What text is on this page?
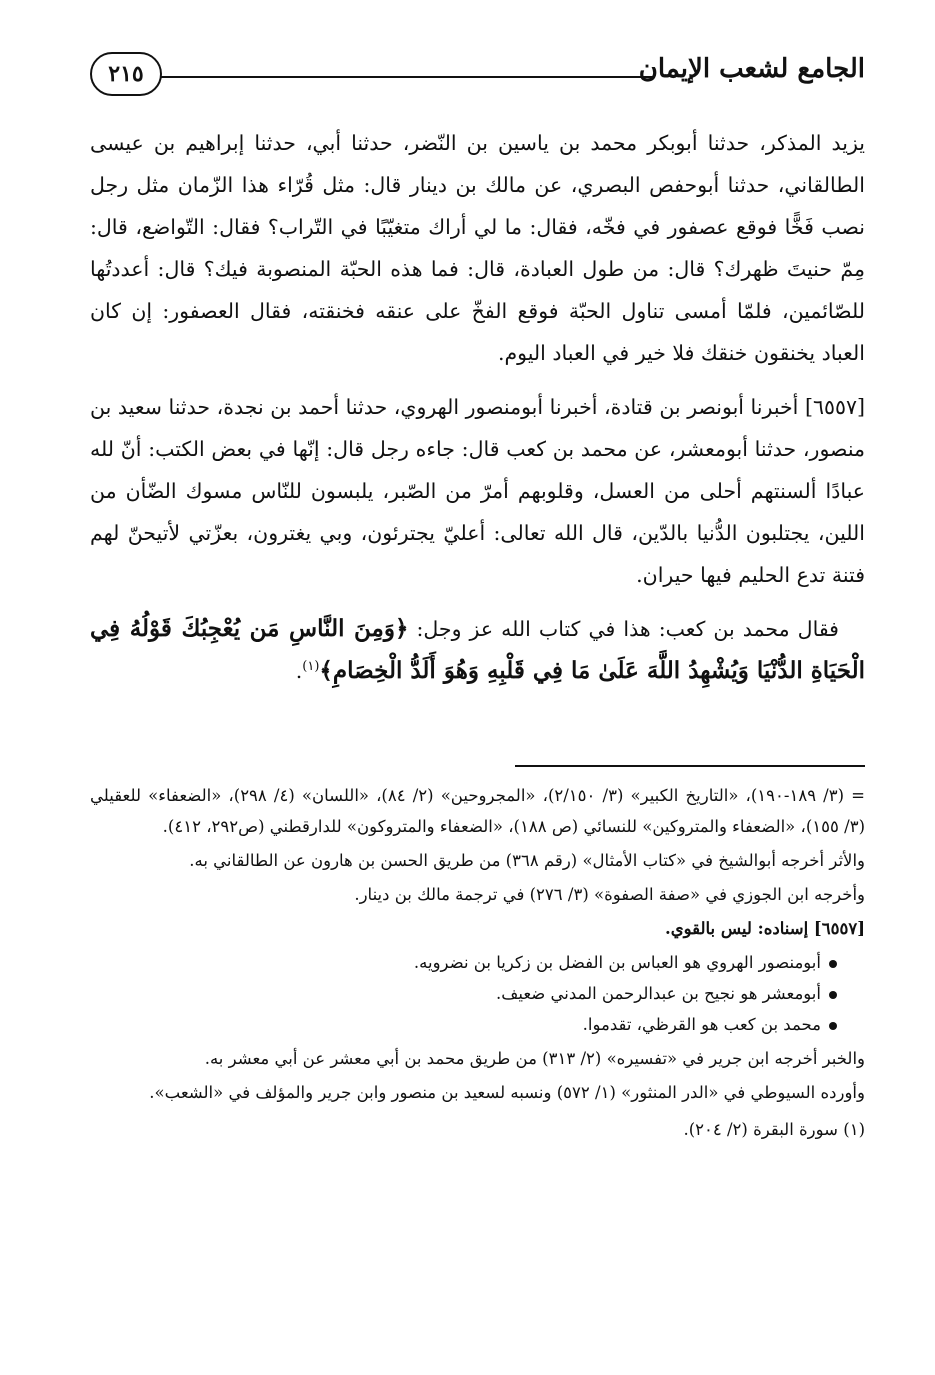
الجامع لشعب الإيمان
٢١٥

يزيد المذكر، حدثنا أبوبكر محمد بن ياسين بن النّضر، حدثنا أبي، حدثنا إبراهيم بن عيسى الطالقاني، حدثنا أبوحفص البصري، عن مالك بن دينار قال: مثل قُرّاء هذا الزّمان مثل رجل نصب فَخًّا فوقع عصفور في فخّه، فقال: ما لي أراك متغيّبًا في التّراب؟ فقال: التّواضع، قال: مِمّ حنيتَ ظهرك؟ قال: من طول العبادة، قال: فما هذه الحبّة المنصوبة فيك؟ قال: أعددتُها للصّائمين، فلمّا أمسى تناول الحبّة فوقع الفخّ على عنقه فخنقته، فقال العصفور: إن كان العباد يخنقون خنقك فلا خير في العباد اليوم.

[٦٥٥٧] أخبرنا أبونصر بن قتادة، أخبرنا أبومنصور الهروي، حدثنا أحمد بن نجدة، حدثنا سعيد بن منصور، حدثنا أبومعشر، عن محمد بن كعب قال: جاءه رجل قال: إنّها في بعض الكتب: أنّ لله عبادًا ألسنتهم أحلى من العسل، وقلوبهم أمرّ من الصّبر، يلبسون للنّاس مسوك الضّأن من اللين، يجتلبون الدُّنيا بالدّين، قال الله تعالى: أعليّ يجترئون، وبي يغترون، بعزّتي لأتيحنّ لهم فتنة تدع الحليم فيها حيران.

فقال محمد بن كعب: هذا في كتاب الله عز وجل: ﴿وَمِنَ النَّاسِ مَن يُعْجِبُكَ قَوْلُهُ فِي الْحَيَاةِ الدُّنْيَا وَيُشْهِدُ اللَّهَ عَلَىٰ مَا فِي قَلْبِهِ وَهُوَ أَلَدُّ الْخِصَامِ﴾$^{(١)}$.

= (٣/ ١٨٩-١٩٠)، «التاريخ الكبير» (٣/ ٢/١٥٠)، «المجروحين» (٢/ ٨٤)، «اللسان» (٤/ ٢٩٨)، «الضعفاء» للعقيلي (٣/ ١٥٥)، «الضعفاء والمتروكين» للنسائي (ص ١٨٨)، «الضعفاء والمتروكون» للدارقطني (ص٢٩٢، ٤١٢).

والأثر أخرجه أبوالشيخ في «كتاب الأمثال» (رقم ٣٦٨) من طريق الحسن بن هارون عن الطالقاني به.

وأخرجه ابن الجوزي في «صفة الصفوة» (٣/ ٢٧٦) في ترجمة مالك بن دينار.

[٦٥٥٧] إسناده: ليس بالقوي.

أبومنصور الهروي هو العباس بن الفضل بن زكريا بن نضرويه.
أبومعشر هو نجيح بن عبدالرحمن المدني ضعيف.
محمد بن كعب هو القرظي، تقدموا.

والخبر أخرجه ابن جرير في «تفسيره» (٢/ ٣١٣) من طريق محمد بن أبي معشر عن أبي معشر به.

وأورده السيوطي في «الدر المنثور» (١/ ٥٧٢) ونسبه لسعيد بن منصور وابن جرير والمؤلف في «الشعب».

(١) سورة البقرة (٢/ ٢٠٤).
